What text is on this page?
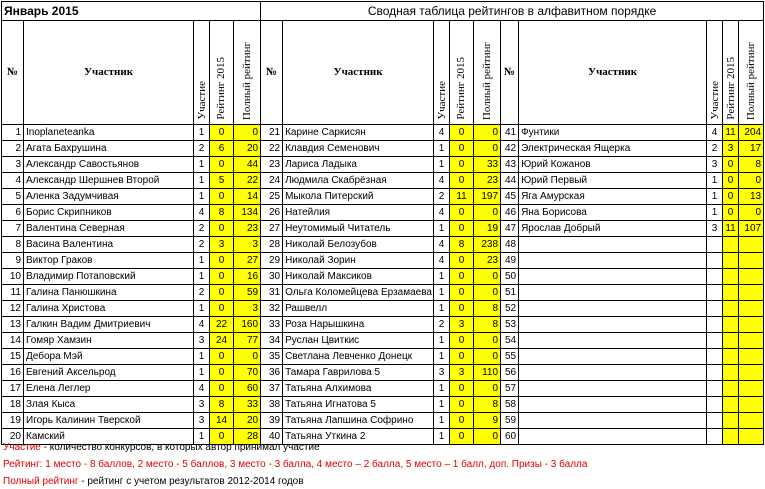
Январь 2015					Сводная таблица рейтингов в алфавитном порядке									
№	Участник	Участие	Рейтинг 2015	Полный рейтинг	№	Участник	Участие	Рейтинг 2015	Полный рейтинг	№	Участник	Участие	Рейтинг 2015	Полный рейтинг
1	Inoplaneteanka	1	0	0	21	Карине Саркисян	4	0	0	41	Фунтики	4	11	204
2	Агата Бахрушина	2	6	20	22	Клавдия Семенович	1	0	0	42	Электрическая Ящерка	2	3	17
3	Александр Савостьянов	1	0	44	23	Лариса Ладыка	1	0	33	43	Юрий Кожанов	3	0	8
4	Александр Шершнев Второй	1	5	22	24	Людмила Скабрёзная	4	0	23	44	Юрий Первый	1	0	0
5	Аленка Задумчивая	1	0	14	25	Мыкола Питерский	2	11	197	45	Яга Амурская	1	0	13
6	Борис Скрипников	4	8	134	26	Натейлия	4	0	0	46	Яна Борисова	1	0	0
7	Валентина Северная	2	0	23	27	Неутомимый Читатель	1	0	19	47	Ярослав Добрый	3	11	107
8	Васина Валентина	2	3	3	28	Николай Белозубов	4	8	238	48				
9	Виктор Граков	1	0	27	29	Николай Зорин	4	0	23	49				
10	Владимир Потаповский	1	0	16	30	Николай Максиков	1	0	0	50				
11	Галина Панюшкина	2	0	59	31	Ольга Коломейцева Ерзамаева	1	0	0	51				
12	Галина Христова	1	0	3	32	Рашвелл	1	0	8	52				
13	Галкин Вадим Дмитриевич	4	22	160	33	Роза Нарышкина	2	3	8	53				
14	Гомяр Хамзин	3	24	77	34	Руслан Цвиткис	1	0	0	54				
15	Дебора Мэй	1	0	0	35	Светлана Левченко Донецк	1	0	0	55				
16	Евгений Аксельрод	1	0	70	36	Тамара Гаврилова 5	3	3	110	56				
17	Елена Леглер	4	0	60	37	Татьяна Алхимова	1	0	0	57				
18	Злая Кыса	3	8	33	38	Татьяна Игнатова 5	1	0	8	58				
19	Игорь Калинин Тверской	3	14	20	39	Татьяна Лапшина Софрино	1	0	9	59				
20	Камский	1	0	28	40	Татьяна Уткина 2	1	0	0	60				
Участие - количество конкурсов, в которых автор принимал участие
Рейтинг: 1 место - 8 баллов, 2 место - 5 баллов, 3 место - 3 балла, 4 место – 2 балла, 5 место – 1 балл, доп. Призы - 3 балла
Полный рейтинг - рейтинг с учетом результатов 2012-2014 годов
